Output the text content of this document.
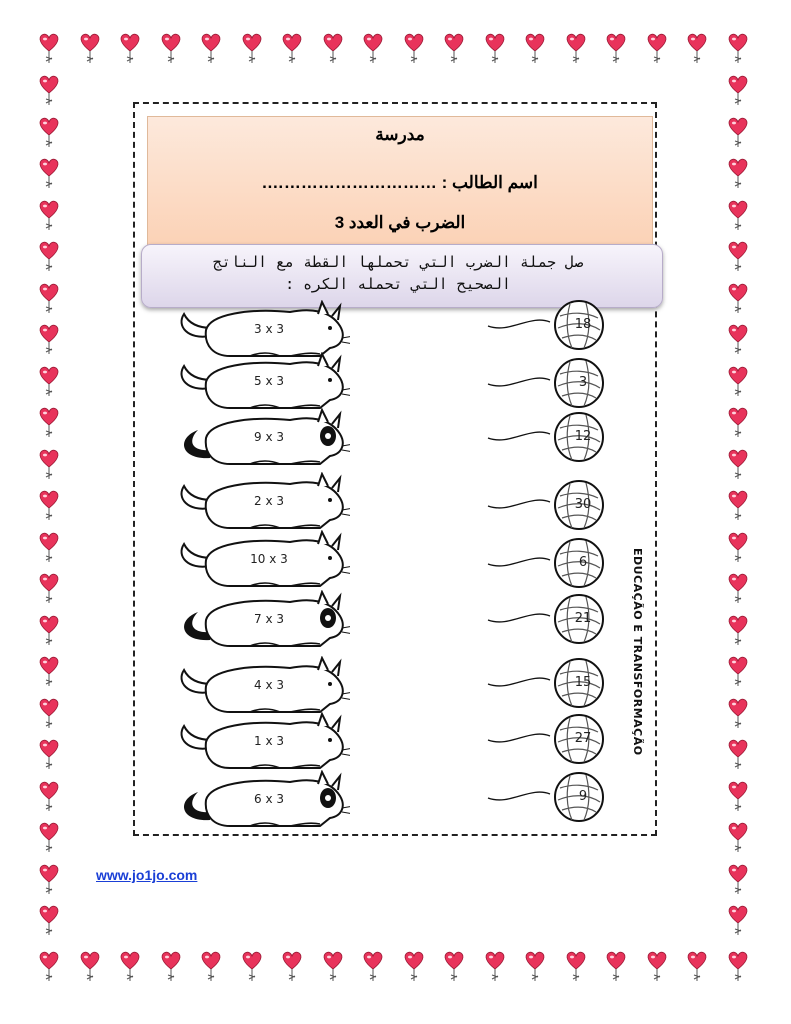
مدرسة
اسم الطالب : ………………………….
الضرب في العدد 3
صل جملة الضرب التي تحملها القطة مع الناتج
الصحيح التي تحمله الكره :
3 x 3
5 x 3
9 x 3
2 x 3
10 x 3
7 x 3
4 x 3
1 x 3
6 x 3
18
3
12
30
6
21
15
27
9
EDUCAÇÃO E TRANSFORMAÇÃO
www.jo1jo.com
